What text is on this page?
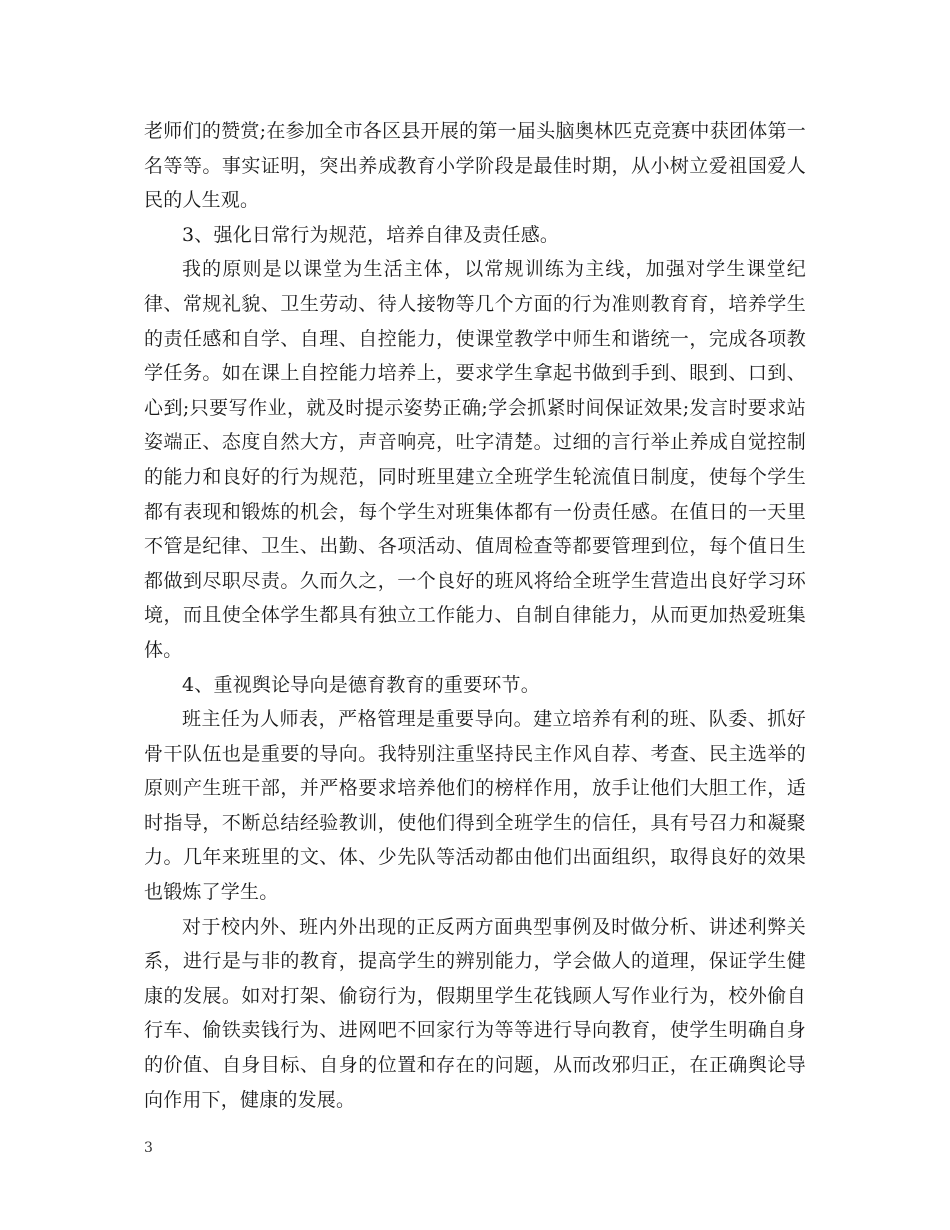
老师们的赞赏;在参加全市各区县开展的第一届头脑奥林匹克竞赛中获团体第一名等等。事实证明，突出养成教育小学阶段是最佳时期，从小树立爱祖国爱人民的人生观。

3、强化日常行为规范，培养自律及责任感。

我的原则是以课堂为生活主体，以常规训练为主线，加强对学生课堂纪律、常规礼貌、卫生劳动、待人接物等几个方面的行为准则教育育，培养学生的责任感和自学、自理、自控能力，使课堂教学中师生和谐统一，完成各项教学任务。如在课上自控能力培养上，要求学生拿起书做到手到、眼到、口到、心到;只要写作业，就及时提示姿势正确;学会抓紧时间保证效果;发言时要求站姿端正、态度自然大方，声音响亮，吐字清楚。过细的言行举止养成自觉控制的能力和良好的行为规范，同时班里建立全班学生轮流值日制度，使每个学生都有表现和锻炼的机会，每个学生对班集体都有一份责任感。在值日的一天里不管是纪律、卫生、出勤、各项活动、值周检查等都要管理到位，每个值日生都做到尽职尽责。久而久之，一个良好的班风将给全班学生营造出良好学习环境，而且使全体学生都具有独立工作能力、自制自律能力，从而更加热爱班集体。

4、重视舆论导向是德育教育的重要环节。

班主任为人师表，严格管理是重要导向。建立培养有利的班、队委、抓好骨干队伍也是重要的导向。我特别注重坚持民主作风自荐、考查、民主选举的原则产生班干部，并严格要求培养他们的榜样作用，放手让他们大胆工作，适时指导，不断总结经验教训，使他们得到全班学生的信任，具有号召力和凝聚力。几年来班里的文、体、少先队等活动都由他们出面组织，取得良好的效果也锻炼了学生。

对于校内外、班内外出现的正反两方面典型事例及时做分析、讲述利弊关系，进行是与非的教育，提高学生的辨别能力，学会做人的道理，保证学生健康的发展。如对打架、偷窃行为，假期里学生花钱顾人写作业行为，校外偷自行车、偷铁卖钱行为、进网吧不回家行为等等进行导向教育，使学生明确自身的价值、自身目标、自身的位置和存在的问题，从而改邪归正，在正确舆论导向作用下，健康的发展。

3
